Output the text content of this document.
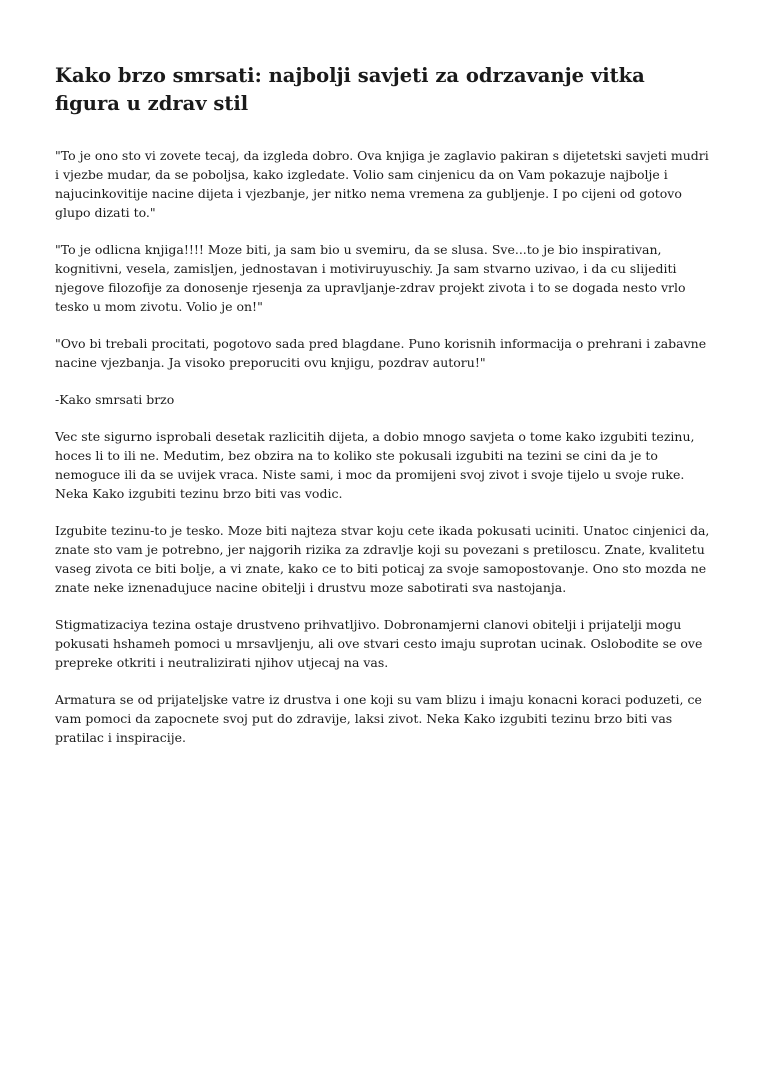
Kako brzo smrsati: najbolji savjeti za odrzavanje vitka figura u zdrav stil

"To je ono sto vi zovete tecaj, da izgleda dobro. Ova knjiga je zaglavio pakiran s dijetetski savjeti mudri i vjezbe mudar, da se poboljsa, kako izgledate. Volio sam cinjenicu da on Vam pokazuje najbolje i najucinkovitije nacine dijeta i vjezbanje, jer nitko nema vremena za gubljenje. I po cijeni od gotovo glupo dizati to."

"To je odlicna knjiga!!!! Moze biti, ja sam bio u svemiru, da se slusa. Sve...to je bio inspirativan, kognitivni, vesela, zamisljen, jednostavan i motiviruyuschiy. Ja sam stvarno uzivao, i da cu slijediti njegove filozofije za donosenje rjesenja za upravljanje-zdrav projekt zivota i to se dogada nesto vrlo tesko u mom zivotu. Volio je on!"

"Ovo bi trebali procitati, pogotovo sada pred blagdane. Puno korisnih informacija o prehrani i zabavne nacine vjezbanja. Ja visoko preporuciti ovu knjigu, pozdrav autoru!"

-Kako smrsati brzo

Vec ste sigurno isprobali desetak razlicitih dijeta, a dobio mnogo savjeta o tome kako izgubiti tezinu, hoces li to ili ne. Medutim, bez obzira na to koliko ste pokusali izgubiti na tezini se cini da je to nemoguce ili da se uvijek vraca. Niste sami, i moc da promijeni svoj zivot i svoje tijelo u svoje ruke. Neka Kako izgubiti tezinu brzo biti vas vodic.

Izgubite tezinu-to je tesko. Moze biti najteza stvar koju cete ikada pokusati uciniti. Unatoc cinjenici da, znate sto vam je potrebno, jer najgorih rizika za zdravlje koji su povezani s pretiloscu. Znate, kvalitetu vaseg zivota ce biti bolje, a vi znate, kako ce to biti poticaj za svoje samopostovanje. Ono sto mozda ne znate neke iznenadujuce nacine obitelji i drustvu moze sabotirati sva nastojanja.

Stigmatizaciya tezina ostaje drustveno prihvatljivo. Dobronamjerni clanovi obitelji i prijatelji mogu pokusati hshameh pomoci u mrsavljenju, ali ove stvari cesto imaju suprotan ucinak. Oslobodite se ove prepreke otkriti i neutralizirati njihov utjecaj na vas.

Armatura se od prijateljske vatre iz drustva i one koji su vam blizu i imaju konacni koraci poduzeti, ce vam pomoci da zapocnete svoj put do zdravije, laksi zivot. Neka Kako izgubiti tezinu brzo biti vas pratilac i inspiracije.
